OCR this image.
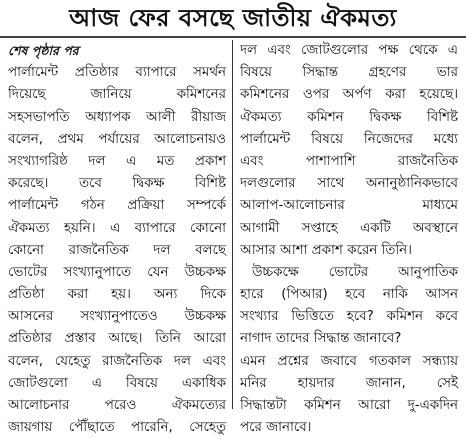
আজ ফের বসছে জাতীয় ঐকমত্য
শেষ পৃষ্ঠার পর
পার্লামেন্ট প্রতিষ্ঠার ব্যাপারে সমর্থন
দিয়েছে জানিয়ে কমিশনের
সহসভাপতি অধ্যাপক আলী রীয়াজ
বলেন, প্রথম পর্যায়ের আলোচনায়ও
সংখ্যাগরিষ্ঠ দল এ মত প্রকাশ
করেছে। তবে দ্বিকক্ষ বিশিষ্ট
পার্লামেন্ট গঠন প্রক্রিয়া সম্পর্কে
ঐকমত্য হয়নি। এ ব্যাপারে কোনো
কোনো রাজনৈতিক দল বলছে
ভোটের সংখ্যানুপাতে যেন উচ্চকক্ষ
প্রতিষ্ঠা করা হয়। অন্য দিকে
আসনের সংখ্যানুপাতেও উচ্চকক্ষ
প্রতিষ্ঠার প্রস্তাব আছে। তিনি আরো
বলেন, যেহেতু রাজনৈতিক দল এবং
জোটগুলো এ বিষয়ে একাধিক
আলোচনার পরেও ঐকমত্যের
জায়গায় পৌঁছাতে পারেনি, সেহেতু
দল এবং জোটগুলোর পক্ষ থেকে এ
বিষয়ে সিদ্ধান্ত গ্রহণের ভার
কমিশনের ওপর অর্পণ করা হয়েছে।
ঐকমত্য কমিশন দ্বিকক্ষ বিশিষ্ট
পার্লামেন্ট বিষয়ে নিজেদের মধ্যে
এবং পাশাপাশি রাজনৈতিক
দলগুলোর সাথে অনানুষ্ঠানিকভাবে
আলাপ-আলোচনার মাধ্যমে
আগামী সপ্তাহে একটি অবস্থানে
আসার আশা প্রকাশ করেন তিনি।
উচ্চকক্ষে ভোটের আনুপাতিক
হারে (পিআর) হবে নাকি আসন
সংখ্যার ভিত্তিতে হবে? কমিশন কবে
নাগাদ তাদের সিদ্ধান্ত জানাবে?
এমন প্রশ্নের জবাবে গতকাল সন্ধ্যায়
মনির হায়দার জানান, সেই
সিদ্ধান্তটা কমিশন আরো দু-একদিন
পরে জানাবে।
